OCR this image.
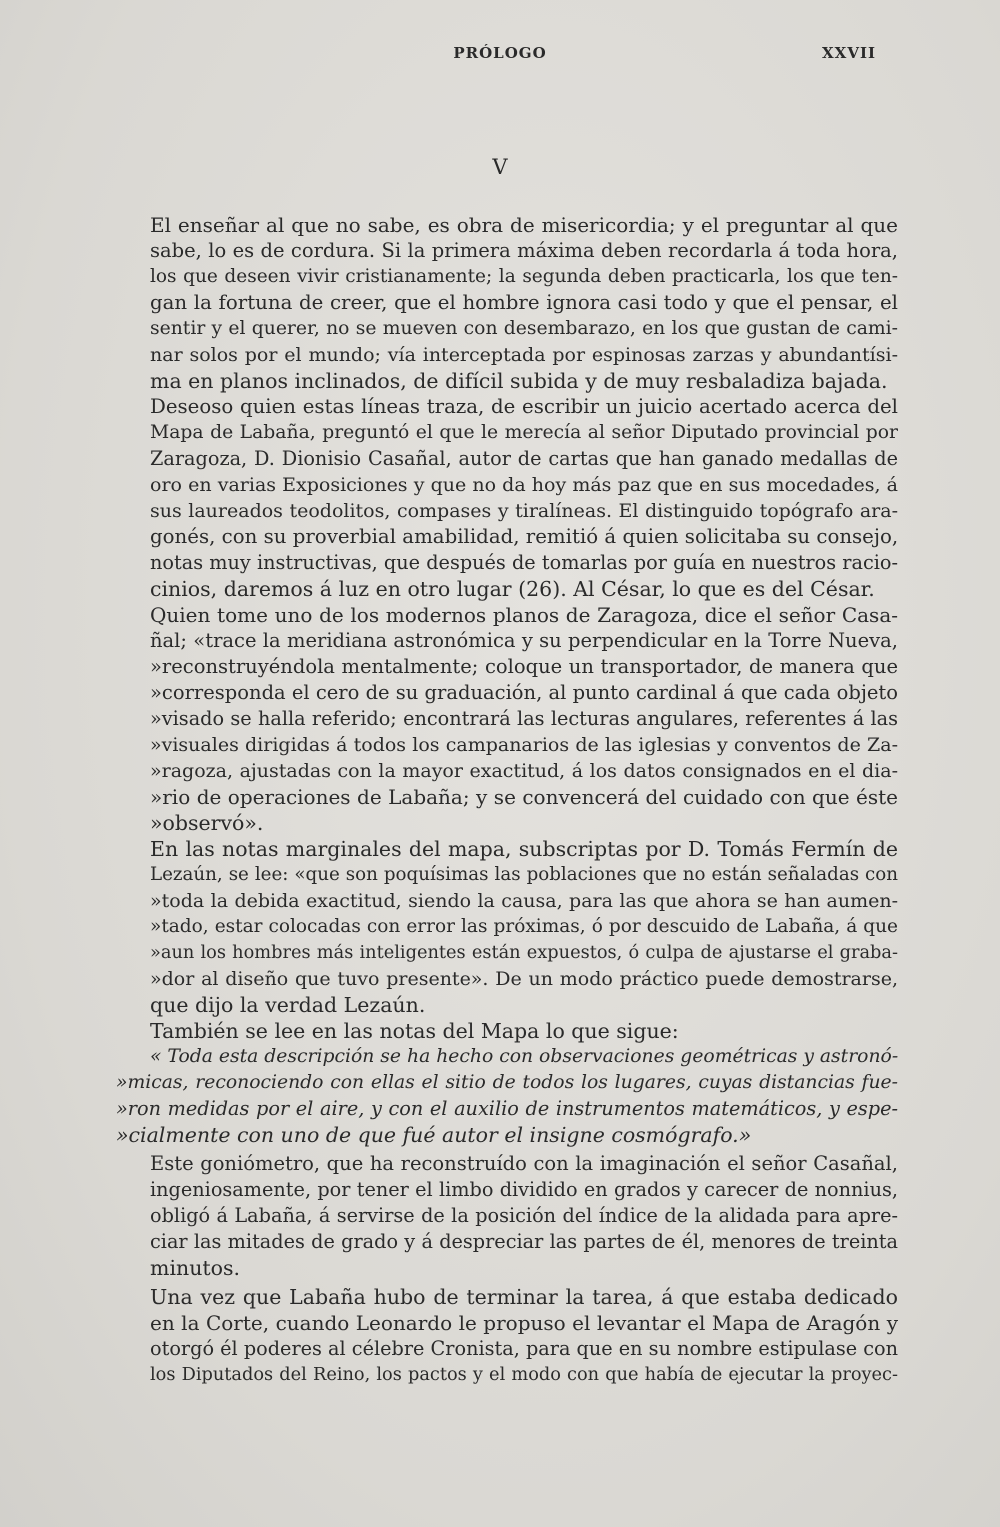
PRÓLOGO	XXVII
V

El enseñar al que no sabe, es obra de misericordia; y el preguntar al que
sabe, lo es de cordura. Si la primera máxima deben recordarla á toda hora,
los que deseen vivir cristianamente; la segunda deben practicarla, los que ten-
gan la fortuna de creer, que el hombre ignora casi todo y que el pensar, el
sentir y el querer, no se mueven con desembarazo, en los que gustan de cami-
nar solos por el mundo; vía interceptada por espinosas zarzas y abundantísi-
ma en planos inclinados, de difícil subida y de muy resbaladiza bajada.

Deseoso quien estas líneas traza, de escribir un juicio acertado acerca del
Mapa de Labaña, preguntó el que le merecía al señor Diputado provincial por
Zaragoza, D. Dionisio Casañal, autor de cartas que han ganado medallas de
oro en varias Exposiciones y que no da hoy más paz que en sus mocedades, á
sus laureados teodolitos, compases y tiralíneas. El distinguido topógrafo ara-
gonés, con su proverbial amabilidad, remitió á quien solicitaba su consejo,
notas muy instructivas, que después de tomarlas por guía en nuestros racio-
cinios, daremos á luz en otro lugar (26). Al César, lo que es del César.

Quien tome uno de los modernos planos de Zaragoza, dice el señor Casa-
ñal; «trace la meridiana astronómica y su perpendicular en la Torre Nueva,
»reconstruyéndola mentalmente; coloque un transportador, de manera que
»corresponda el cero de su graduación, al punto cardinal á que cada objeto
»visado se halla referido; encontrará las lecturas angulares, referentes á las
»visuales dirigidas á todos los campanarios de las iglesias y conventos de Za-
»ragoza, ajustadas con la mayor exactitud, á los datos consignados en el dia-
»rio de operaciones de Labaña; y se convencerá del cuidado con que éste
»observó».

En las notas marginales del mapa, subscriptas por D. Tomás Fermín de
Lezaún, se lee: «que son poquísimas las poblaciones que no están señaladas con
»toda la debida exactitud, siendo la causa, para las que ahora se han aumen-
»tado, estar colocadas con error las próximas, ó por descuido de Labaña, á que
»aun los hombres más inteligentes están expuestos, ó culpa de ajustarse el graba-
»dor al diseño que tuvo presente». De un modo práctico puede demostrarse,
que dijo la verdad Lezaún.

También se lee en las notas del Mapa lo que sigue:

« Toda esta descripción se ha hecho con observaciones geométricas y astronó-
»micas, reconociendo con ellas el sitio de todos los lugares, cuyas distancias fue-
»ron medidas por el aire, y con el auxilio de instrumentos matemáticos, y espe-
»cialmente con uno de que fué autor el insigne cosmógrafo.»

Este goniómetro, que ha reconstruído con la imaginación el señor Casañal,
ingeniosamente, por tener el limbo dividido en grados y carecer de nonnius,
obligó á Labaña, á servirse de la posición del índice de la alidada para apre-
ciar las mitades de grado y á despreciar las partes de él, menores de treinta
minutos.

Una vez que Labaña hubo de terminar la tarea, á que estaba dedicado
en la Corte, cuando Leonardo le propuso el levantar el Mapa de Aragón y
otorgó él poderes al célebre Cronista, para que en su nombre estipulase con
los Diputados del Reino, los pactos y el modo con que había de ejecutar la proyec-
